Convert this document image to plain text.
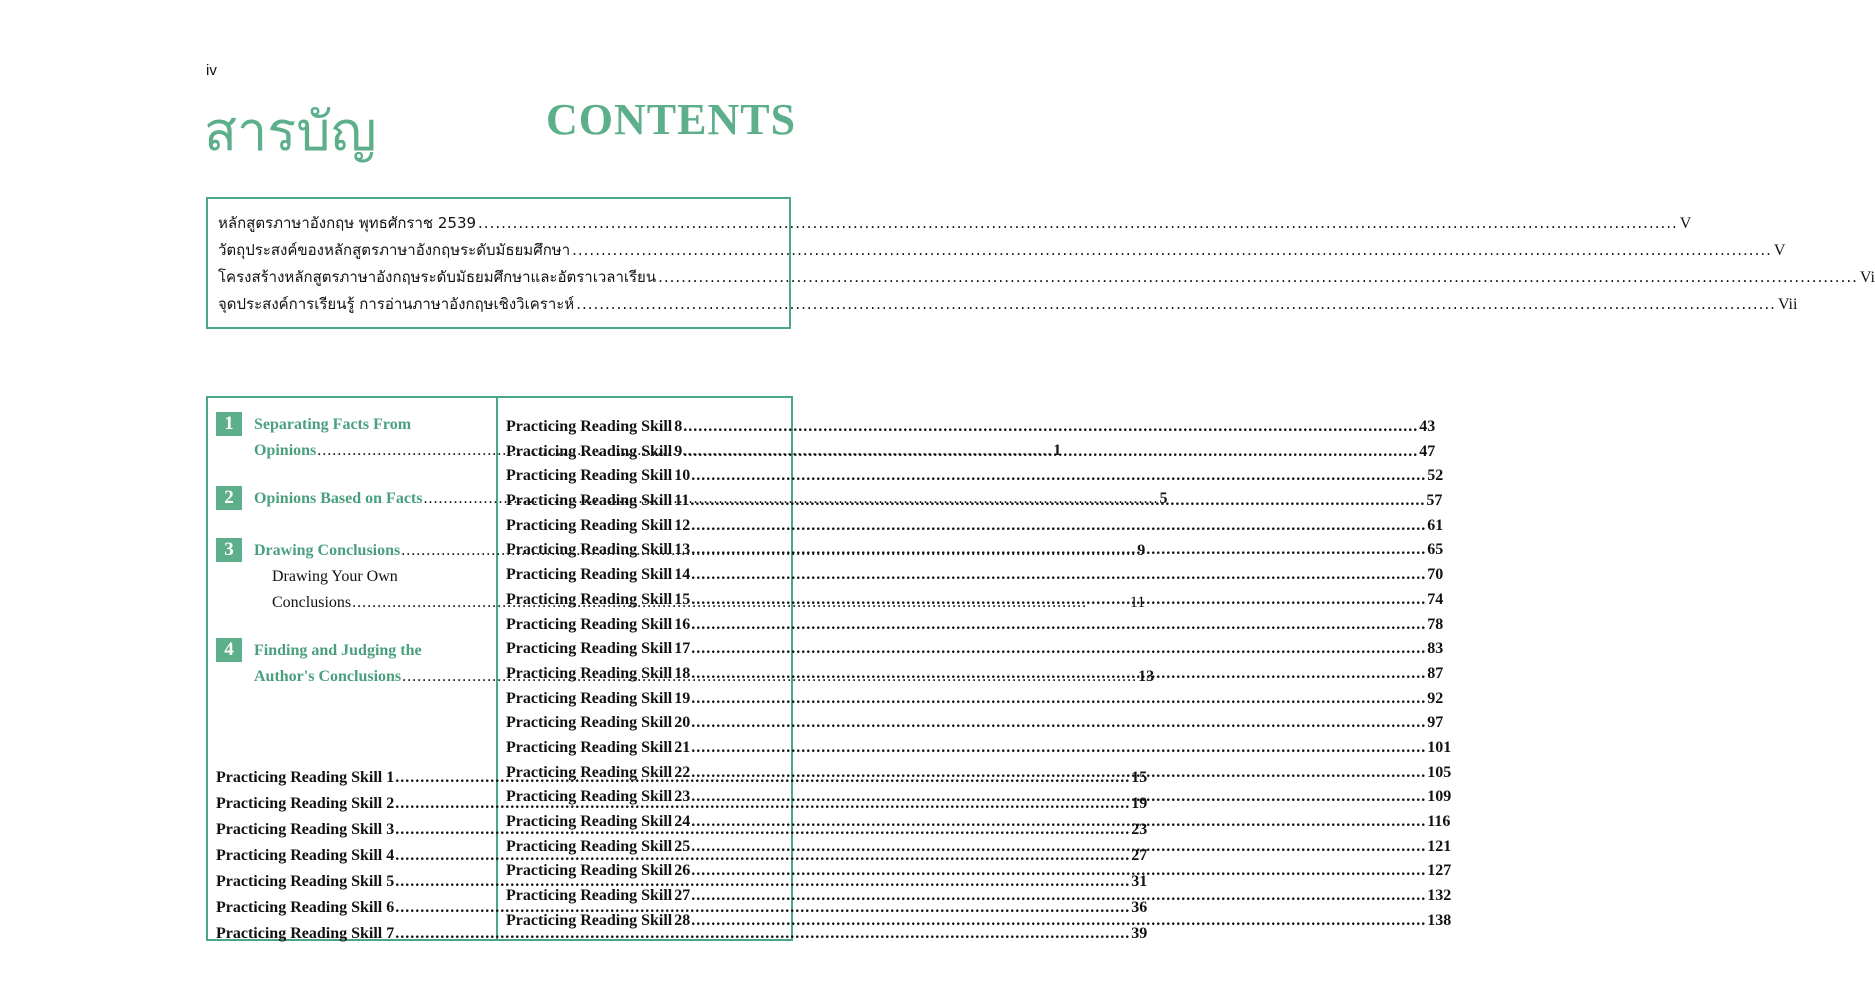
iv
สารบัญ	CONTENTS
หลักสูตรภาษาอังกฤษ พุทธศักราช 2539 .....	V
วัตถุประสงค์ของหลักสูตรภาษาอังกฤษระดับมัธยมศึกษา .....	V
โครงสร้างหลักสูตรภาษาอังกฤษระดับมัธยมศึกษาและอัตราเวลาเรียน .....	Vi
จุดประสงค์การเรียนรู้ การอ่านภาษาอังกฤษเชิงวิเคราะห์ .....	Vii
1	Separating Facts From
Opinions .....	1
2	Opinions Based on Facts .....	5
3	Drawing Conclusions .....	9
Drawing Your Own
Conclusions .....	11
4	Finding and Judging the
Author's Conclusions .....	13
Practicing Reading Skill 1 .....	15
Practicing Reading Skill 2 .....	19
Practicing Reading Skill 3 .....	23
Practicing Reading Skill 4 .....	27
Practicing Reading Skill 5 .....	31
Practicing Reading Skill 6 .....	36
Practicing Reading Skill 7 .....	39
Practicing Reading Skill 8 .....	43
Practicing Reading Skill 9 .....	47
Practicing Reading Skill 10 .....	52
Practicing Reading Skill 11 .....	57
Practicing Reading Skill 12 .....	61
Practicing Reading Skill 13 .....	65
Practicing Reading Skill 14 .....	70
Practicing Reading Skill 15 .....	74
Practicing Reading Skill 16 .....	78
Practicing Reading Skill 17 .....	83
Practicing Reading Skill 18 .....	87
Practicing Reading Skill 19 .....	92
Practicing Reading Skill 20 .....	97
Practicing Reading Skill 21 .....	101
Practicing Reading Skill 22 .....	105
Practicing Reading Skill 23 .....	109
Practicing Reading Skill 24 .....	116
Practicing Reading Skill 25 .....	121
Practicing Reading Skill 26 .....	127
Practicing Reading Skill 27 .....	132
Practicing Reading Skill 28 .....	138
